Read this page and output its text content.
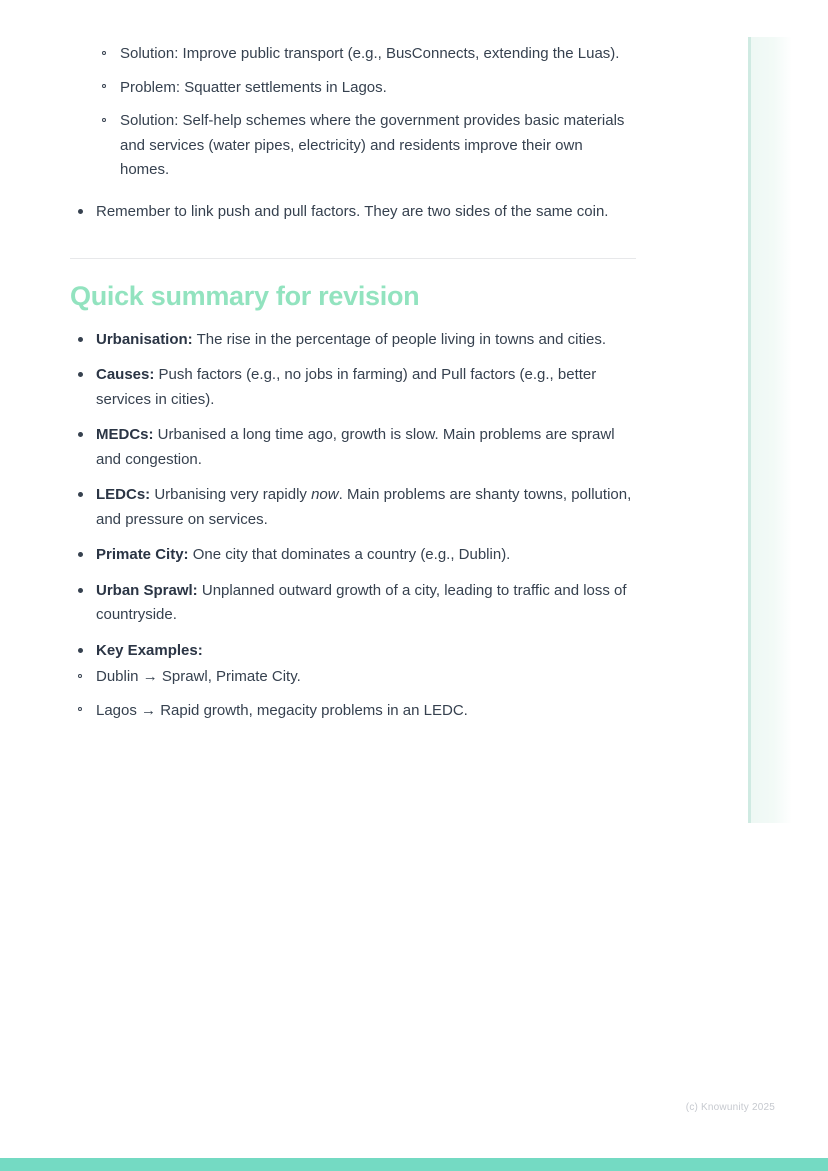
Solution: Improve public transport (e.g., BusConnects, extending the Luas).
Problem: Squatter settlements in Lagos.
Solution: Self-help schemes where the government provides basic materials and services (water pipes, electricity) and residents improve their own homes.
Remember to link push and pull factors. They are two sides of the same coin.
Quick summary for revision
Urbanisation: The rise in the percentage of people living in towns and cities.
Causes: Push factors (e.g., no jobs in farming) and Pull factors (e.g., better services in cities).
MEDCs: Urbanised a long time ago, growth is slow. Main problems are sprawl and congestion.
LEDCs: Urbanising very rapidly now. Main problems are shanty towns, pollution, and pressure on services.
Primate City: One city that dominates a country (e.g., Dublin).
Urban Sprawl: Unplanned outward growth of a city, leading to traffic and loss of countryside.
Key Examples:
Dublin → Sprawl, Primate City.
Lagos → Rapid growth, megacity problems in an LEDC.
(c) Knowunity 2025
